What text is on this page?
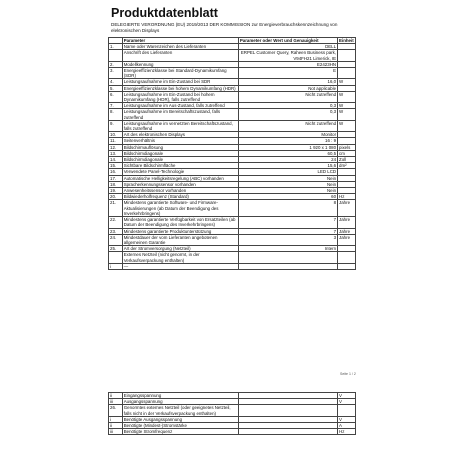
Produktdatenblatt
DELEGIERTE VERORDNUNG (EU) 2019/2013 DER KOMMISSION zur Energieverbrauchskennzeichnung von elektronischen Displays
	Parameter	Parameter oder Wert und Genauigkeit	Einheit
1.	Name oder Warenzeichen des Lieferanten	DELL	
	Anschrift des Lieferanten	ERPEL Customer Query, Raheen Business park, V94FH21 Limerick, IE	
2.	Modellkennung	E2423HN	
3.	Energieeffizienzklasse bei Standard-Dynamikumfang (SDR)	E	
4.	Leistungsaufnahme im Ein-Zustand bei SDR	16,0	W
5.	Energieeffizienzklasse bei hohem Dynamikumfang (HDR)	Not applicable	
6.	Leistungsaufnahme im Ein-Zustand bei hohem Dynamikumfang (HDR), falls zutreffend	Nicht zutreffend	W
7.	Leistungsaufnahme im Aus-Zustand, falls zutreffend	0,3	W
8.	Leistungsaufnahme im Bereitschaftszustand, falls zutreffend	0,3	W
9.	Leistungsaufnahme im vernetzten Bereitschaftszustand, falls zutreffend	Nicht zutreffend	W
10.	Art des elektronischen Displays	Monitor	
11.	Seitenverhältnis	16 : 9	
12.	Bildschirmauflösung	1 920 x 1 080	pixels
13.	Bildschirmdiagonale	60,5	cm
14.	Bildschirmdiagonale	24	Zoll
15.	Sichtbare Bildschirmfläche	15,6	dm²
16.	Verwendete Panel-Technologie	LED LCD	
17.	Automatische Helligkeitsregelung (ABC) vorhanden	Nein	
18.	Spracherkennungssensor vorhanden	Nein	
19.	Anwesenheitssensor vorhanden	Nein	
20.	Bildwiederholfrequenz (Standard)	60	Hz
21.	Mindestens garantierte Software- und Firmware-Aktualisierungen (ab Datum der Beendigung des Inverkehrbringens)	8	Jahre
22.	Mindestens garantierte Verfügbarkeit von Ersatzteilen (ab Datum der Beendigung des Inverkehrbringens)	7	Jahre
23.	Mindestens garantierte Produktunterstützung	7	Jahre
24.	Mindestdauer der vom Lieferanten angebotenen allgemeinen Garantie	3	Jahre
25.	Art der Stromversorgung (Netzteil)	Intern	
	Externes Netzteil (nicht genormt, in der Verkaufsverpackung enthalten)		
i	—		
Seite 1 / 2
ii	Eingangsspannung		V
iii	Ausgangsspannung		V
26.	Genormtes externes Netzteil (oder geeignetes Netzteil, falls nicht in der Verkaufsverpackung enthalten)		
i	Benötigte Ausgangsspannung		V
ii	Benötigte (Mindest-)Stromstärke		A
iii	Benötigte Stromfrequenz		Hz
